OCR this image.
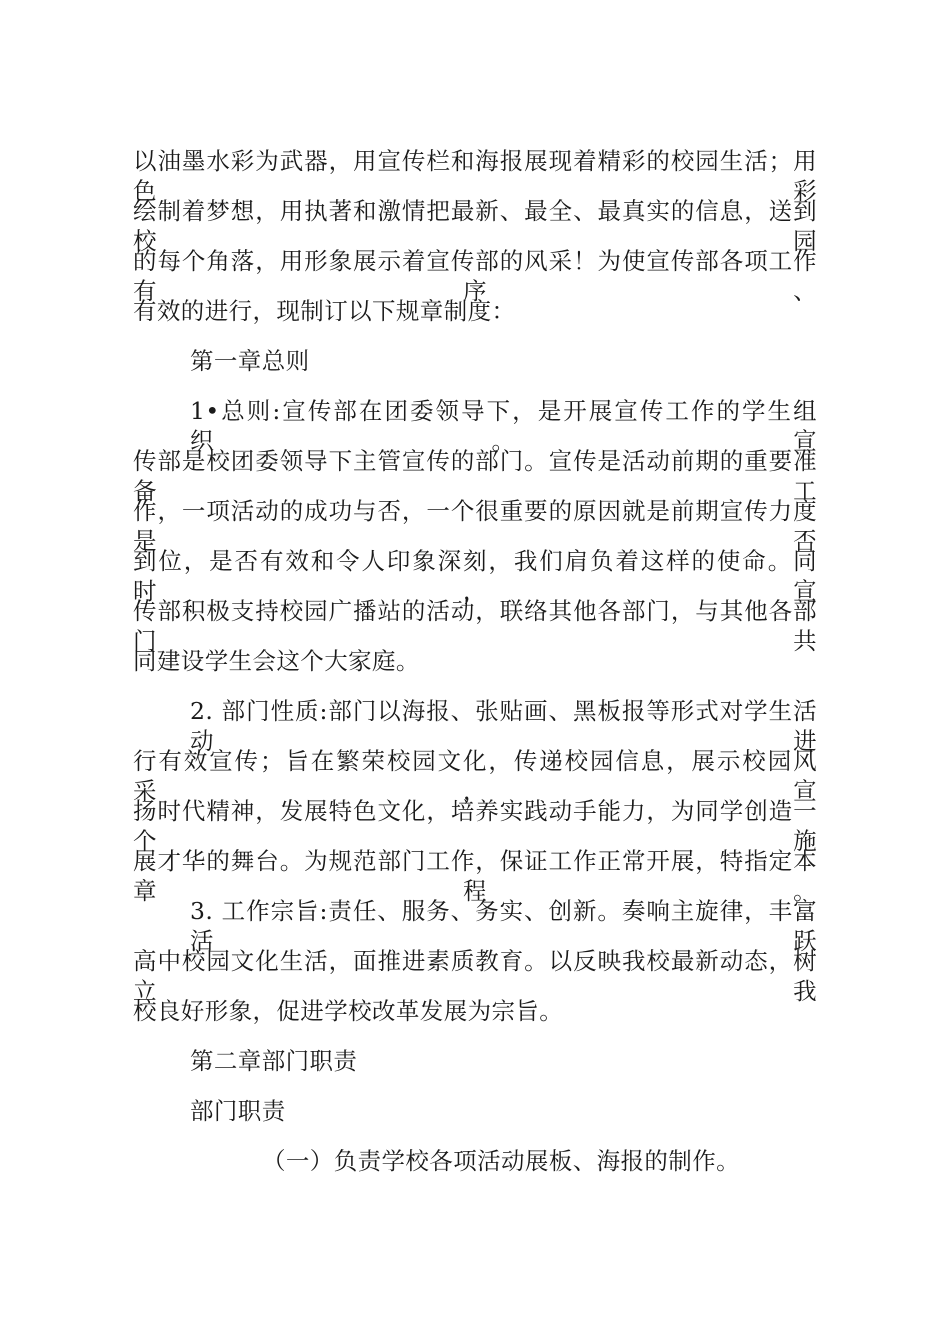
以油墨水彩为武器，用宣传栏和海报展现着精彩的校园生活；用色彩
绘制着梦想，用执著和激情把最新、最全、最真实的信息，送到校园
的每个角落，用形象展示着宣传部的风采！为使宣传部各项工作有序、
有效的进行，现制订以下规章制度：
第一章总则
1•总则:宣传部在团委领导下，是开展宣传工作的学生组织。宣
传部是校团委领导下主管宣传的部门。宣传是活动前期的重要准备工
作，一项活动的成功与否，一个很重要的原因就是前期宣传力度是否
到位，是否有效和令人印象深刻，我们肩负着这样的使命。同时，宣
传部积极支持校园广播站的活动，联络其他各部门，与其他各部门共
同建设学生会这个大家庭。
2. 部门性质:部门以海报、张贴画、黑板报等形式对学生活动进
行有效宣传；旨在繁荣校园文化，传递校园信息，展示校园风采，宣
扬时代精神，发展特色文化，培养实践动手能力，为同学创造一个施
展才华的舞台。为规范部门工作，保证工作正常开展，特指定本章程。
3. 工作宗旨:责任、服务、务实、创新。奏响主旋律，丰富活跃
高中校园文化生活，面推进素质教育。以反映我校最新动态，树立我
校良好形象，促进学校改革发展为宗旨。
第二章部门职责
部门职责
（一）负责学校各项活动展板、海报的制作。
